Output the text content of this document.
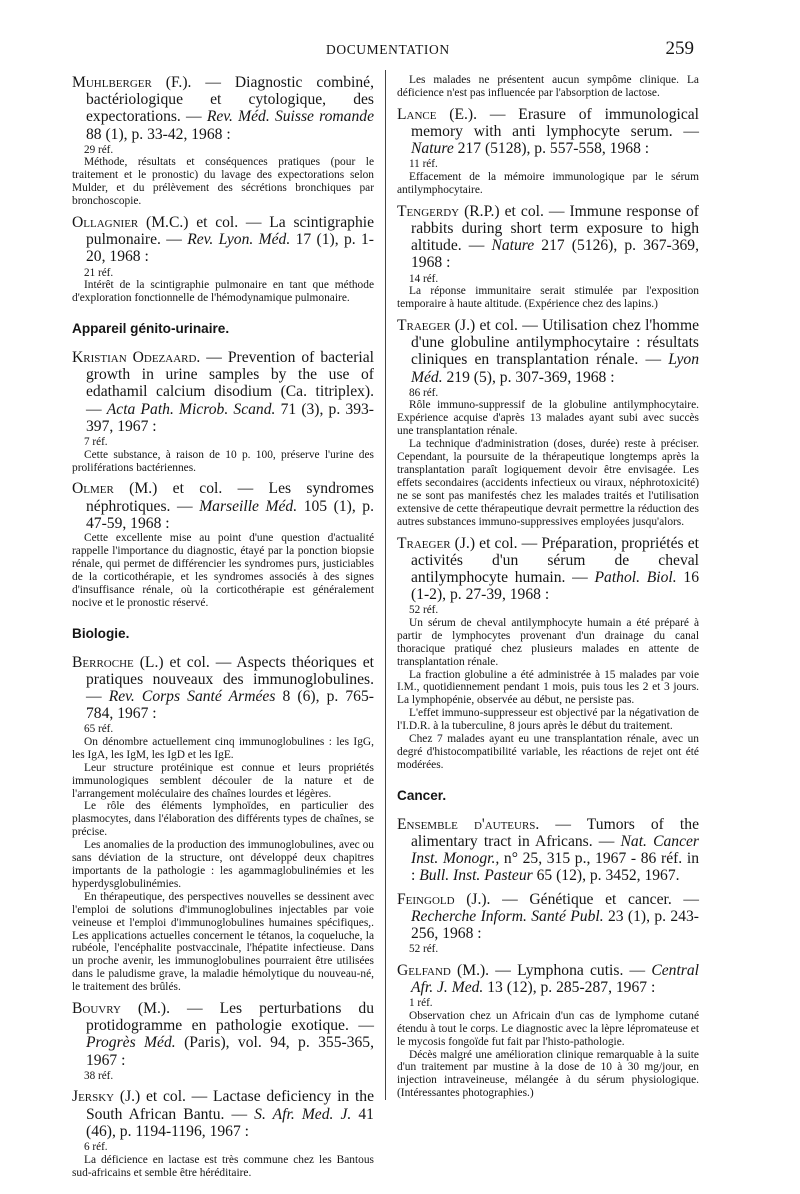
DOCUMENTATION	259

Muhlberger (F.). — Diagnostic combiné, bactériologique et cytologique, des expectorations. — Rev. Méd. Suisse romande 88 (1), p. 33-42, 1968 :

29 réf.

Méthode, résultats et conséquences pratiques (pour le traitement et le pronostic) du lavage des expectorations selon Mulder, et du prélèvement des sécrétions bronchiques par bronchoscopie.

Ollagnier (M.C.) et col. — La scintigraphie pulmonaire. — Rev. Lyon. Méd. 17 (1), p. 1-20, 1968 :

21 réf.

Intérêt de la scintigraphie pulmonaire en tant que méthode d'exploration fonctionnelle de l'hémodynamique pulmonaire.

Appareil génito-urinaire.

Kristian Odezaard. — Prevention of bacterial growth in urine samples by the use of edathamil calcium disodium (Ca. titriplex). — Acta Path. Microb. Scand. 71 (3), p. 393-397, 1967 :

7 réf.

Cette substance, à raison de 10 p. 100, préserve l'urine des proliférations bactériennes.

Olmer (M.) et col. — Les syndromes néphrotiques. — Marseille Méd. 105 (1), p. 47-59, 1968 :

Cette excellente mise au point d'une question d'actualité rappelle l'importance du diagnostic, étayé par la ponction biopsie rénale, qui permet de différencier les syndromes purs, justiciables de la corticothérapie, et les syndromes associés à des signes d'insuffisance rénale, où la corticothérapie est généralement nocive et le pronostic réservé.

Biologie.

Berroche (L.) et col. — Aspects théoriques et pratiques nouveaux des immunoglobulines. — Rev. Corps Santé Armées 8 (6), p. 765-784, 1967 :

65 réf.

On dénombre actuellement cinq immunoglobulines : les IgG, les IgA, les IgM, les IgD et les IgE.

Leur structure protéinique est connue et leurs propriétés immunologiques semblent découler de la nature et de l'arrangement moléculaire des chaînes lourdes et légères.

Le rôle des éléments lymphoïdes, en particulier des plasmocytes, dans l'élaboration des différents types de chaînes, se précise.

Les anomalies de la production des immunoglobulines, avec ou sans déviation de la structure, ont développé deux chapitres importants de la pathologie : les agammaglobulinémies et les hyperdysglobulinémies.

En thérapeutique, des perspectives nouvelles se dessinent avec l'emploi de solutions d'immunoglobulines injectables par voie veineuse et l'emploi d'immunoglobulines humaines spécifiques,. Les applications actuelles concernent le tétanos, la coqueluche, la rubéole, l'encéphalite postvaccinale, l'hépatite infectieuse. Dans un proche avenir, les immunoglobulines pourraient être utilisées dans le paludisme grave, la maladie hémolytique du nouveau-né, le traitement des brûlés.

Bouvry (M.). — Les perturbations du protidogramme en pathologie exotique. — Progrès Méd. (Paris), vol. 94, p. 355-365, 1967 :

38 réf.

Jersky (J.) et col. — Lactase deficiency in the South African Bantu. — S. Afr. Med. J. 41 (46), p. 1194-1196, 1967 :

6 réf.

La déficience en lactase est très commune chez les Bantous sud-africains et semble être héréditaire.

Les malades ne présentent aucun sympôme clinique. La déficience n'est pas influencée par l'absorption de lactose.

Lance (E.). — Erasure of immunological memory with anti lymphocyte serum. — Nature 217 (5128), p. 557-558, 1968 :

11 réf.

Effacement de la mémoire immunologique par le sérum antilymphocytaire.

Tengerdy (R.P.) et col. — Immune response of rabbits during short term exposure to high altitude. — Nature 217 (5126), p. 367-369, 1968 :

14 réf.

La réponse immunitaire serait stimulée par l'exposition temporaire à haute altitude. (Expérience chez des lapins.)

Traeger (J.) et col. — Utilisation chez l'homme d'une globuline antilymphocytaire : résultats cliniques en transplantation rénale. — Lyon Méd. 219 (5), p. 307-369, 1968 :

86 réf.

Rôle immuno-suppressif de la globuline antilymphocytaire. Expérience acquise d'après 13 malades ayant subi avec succès une transplantation rénale.

La technique d'administration (doses, durée) reste à préciser. Cependant, la poursuite de la thérapeutique longtemps après la transplantation paraît logiquement devoir être envisagée. Les effets secondaires (accidents infectieux ou viraux, néphrotoxicité) ne se sont pas manifestés chez les malades traités et l'utilisation extensive de cette thérapeutique devrait permettre la réduction des autres substances immuno-suppressives employées jusqu'alors.

Traeger (J.) et col. — Préparation, propriétés et activités d'un sérum de cheval antilymphocyte humain. — Pathol. Biol. 16 (1-2), p. 27-39, 1968 :

52 réf.

Un sérum de cheval antilymphocyte humain a été préparé à partir de lymphocytes provenant d'un drainage du canal thoracique pratiqué chez plusieurs malades en attente de transplantation rénale.

La fraction globuline a été administrée à 15 malades par voie I.M., quotidiennement pendant 1 mois, puis tous les 2 et 3 jours. La lymphopénie, observée au début, ne persiste pas.

L'effet immuno-suppresseur est objectivé par la négativation de l'I.D.R. à la tuberculine, 8 jours après le début du traitement.

Chez 7 malades ayant eu une transplantation rénale, avec un degré d'histocompatibilité variable, les réactions de rejet ont été modérées.

Cancer.

Ensemble d'auteurs. — Tumors of the alimentary tract in Africans. — Nat. Cancer Inst. Monogr., n° 25, 315 p., 1967 - 86 réf. in : Bull. Inst. Pasteur 65 (12), p. 3452, 1967.

Feingold (J.). — Génétique et cancer. — Recherche Inform. Santé Publ. 23 (1), p. 243-256, 1968 :

52 réf.

Gelfand (M.). — Lymphona cutis. — Central Afr. J. Med. 13 (12), p. 285-287, 1967 :

1 réf.

Observation chez un Africain d'un cas de lymphome cutané étendu à tout le corps. Le diagnostic avec la lèpre lépromateuse et le mycosis fongoïde fut fait par l'histo-pathologie.

Décès malgré une amélioration clinique remarquable à la suite d'un traitement par mustine à la dose de 10 à 30 mg/jour, en injection intraveineuse, mélangée à du sérum physiologique. (Intéressantes photographies.)
